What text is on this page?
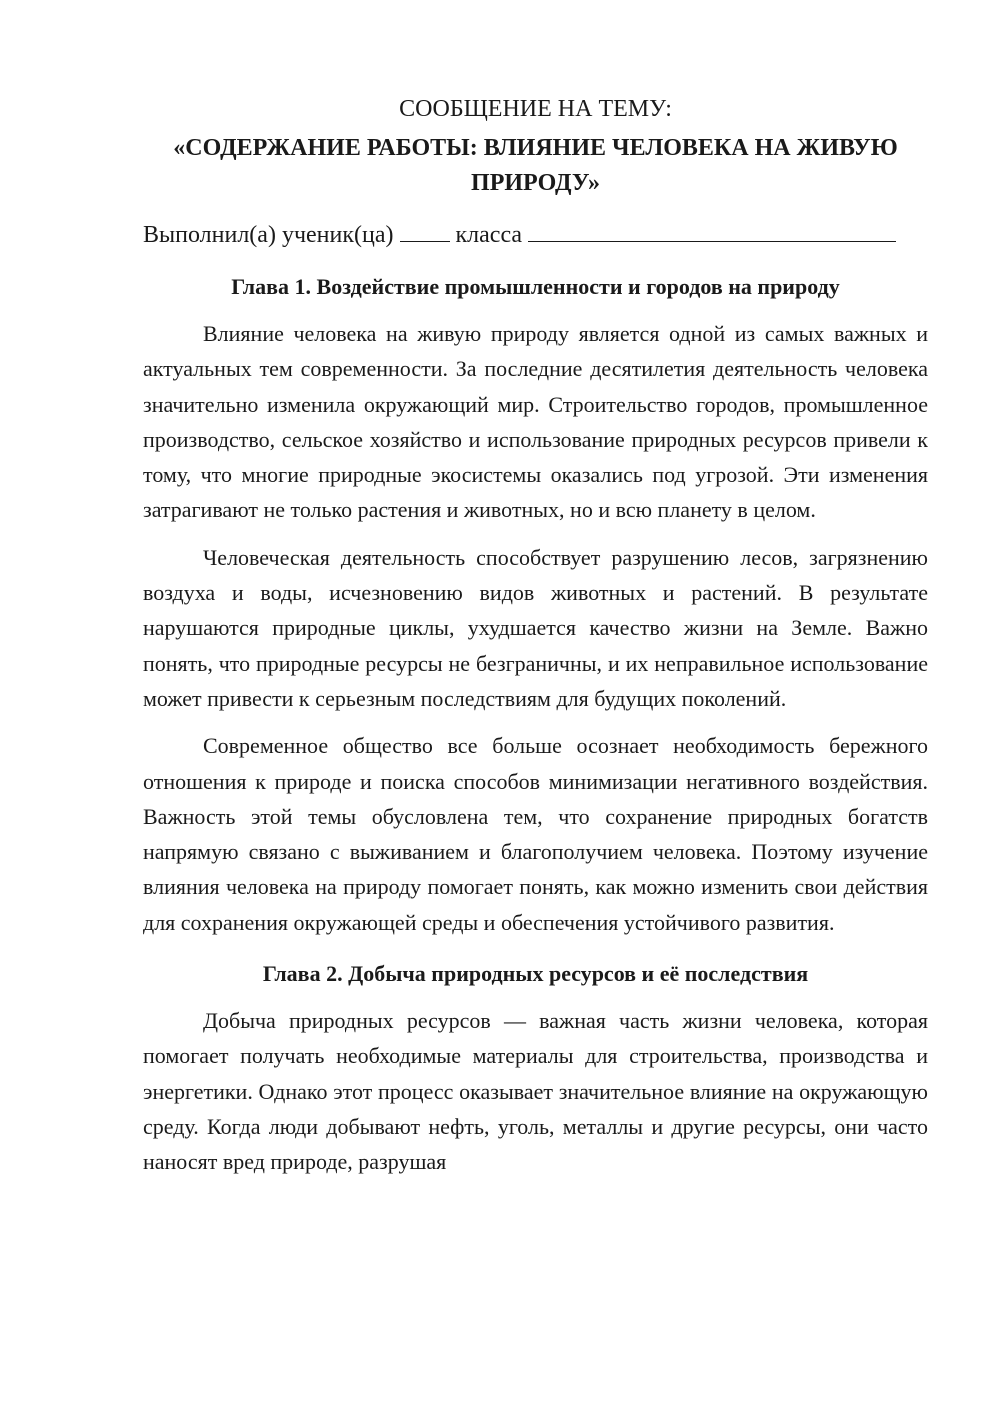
СООБЩЕНИЕ НА ТЕМУ:

«СОДЕРЖАНИЕ РАБОТЫ: ВЛИЯНИЕ ЧЕЛОВЕКА НА ЖИВУЮ ПРИРОДУ»

Выполнил(а) ученик(ца)	класса

Глава 1. Воздействие промышленности и городов на природу

Влияние человека на живую природу является одной из самых важных и актуальных тем современности. За последние десятилетия деятельность человека значительно изменила окружающий мир. Строительство городов, промышленное производство, сельское хозяйство и использование природных ресурсов привели к тому, что многие природные экосистемы оказались под угрозой. Эти изменения затрагивают не только растения и животных, но и всю планету в целом.

Человеческая деятельность способствует разрушению лесов, загрязнению воздуха и воды, исчезновению видов животных и растений. В результате нарушаются природные циклы, ухудшается качество жизни на Земле. Важно понять, что природные ресурсы не безграничны, и их неправильное использование может привести к серьезным последствиям для будущих поколений.

Современное общество все больше осознает необходимость бережного отношения к природе и поиска способов минимизации негативного воздействия. Важность этой темы обусловлена тем, что сохранение природных богатств напрямую связано с выживанием и благополучием человека. Поэтому изучение влияния человека на природу помогает понять, как можно изменить свои действия для сохранения окружающей среды и обеспечения устойчивого развития.

Глава 2. Добыча природных ресурсов и её последствия

Добыча природных ресурсов — важная часть жизни человека, которая помогает получать необходимые материалы для строительства, производства и энергетики. Однако этот процесс оказывает значительное влияние на окружающую среду. Когда люди добывают нефть, уголь, металлы и другие ресурсы, они часто наносят вред природе, разрушая
